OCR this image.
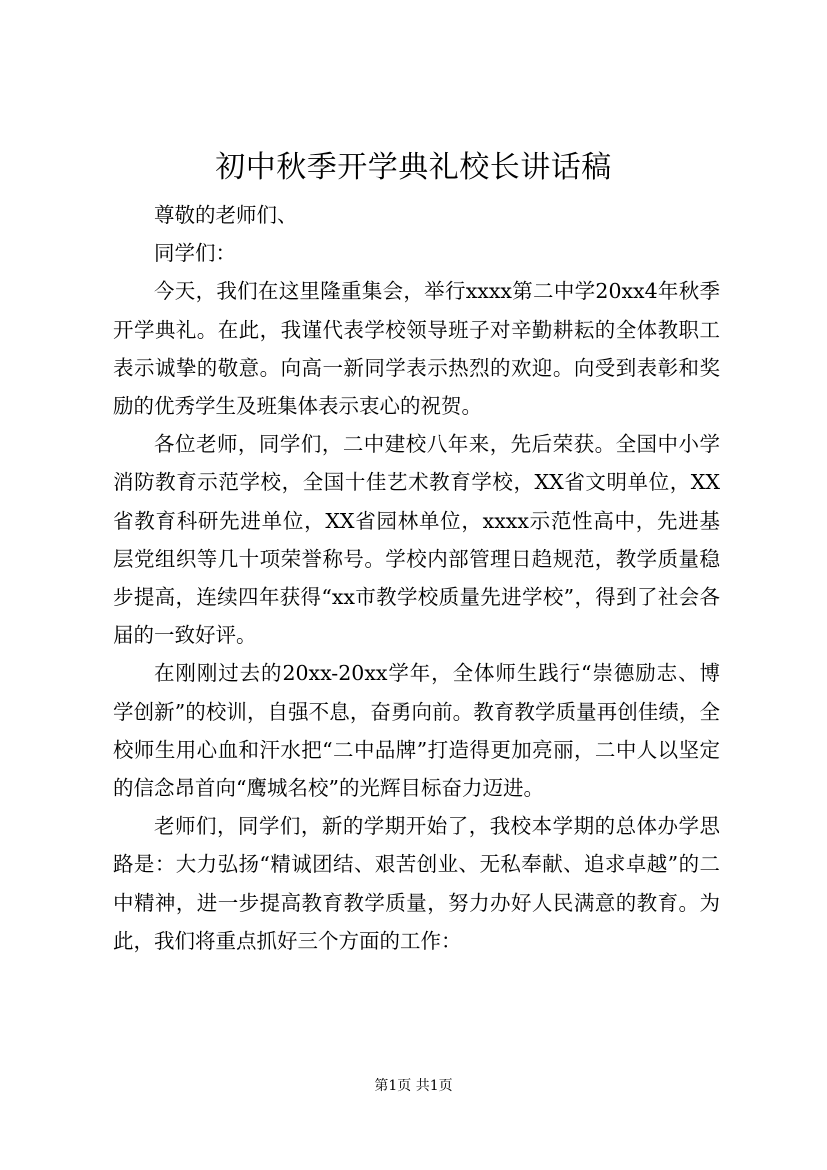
初中秋季开学典礼校长讲话稿

尊敬的老师们、

同学们：

今天，我们在这里隆重集会，举行xxxx第二中学20xx4年秋季开学典礼。在此，我谨代表学校领导班子对辛勤耕耘的全体教职工表示诚挚的敬意。向高一新同学表示热烈的欢迎。向受到表彰和奖励的优秀学生及班集体表示衷心的祝贺。

各位老师，同学们，二中建校八年来，先后荣获。全国中小学消防教育示范学校，全国十佳艺术教育学校，XX省文明单位，XX省教育科研先进单位，XX省园林单位，xxxx示范性高中，先进基层党组织等几十项荣誉称号。学校内部管理日趋规范，教学质量稳步提高，连续四年获得“xx市教学校质量先进学校”，得到了社会各届的一致好评。

在刚刚过去的20xx-20xx学年，全体师生践行“崇德励志、博学创新”的校训，自强不息，奋勇向前。教育教学质量再创佳绩，全校师生用心血和汗水把“二中品牌”打造得更加亮丽，二中人以坚定的信念昂首向“鹰城名校”的光辉目标奋力迈进。

老师们，同学们，新的学期开始了，我校本学期的总体办学思路是：大力弘扬“精诚团结、艰苦创业、无私奉献、追求卓越”的二中精神，进一步提高教育教学质量，努力办好人民满意的教育。为此，我们将重点抓好三个方面的工作：

第1页 共1页
